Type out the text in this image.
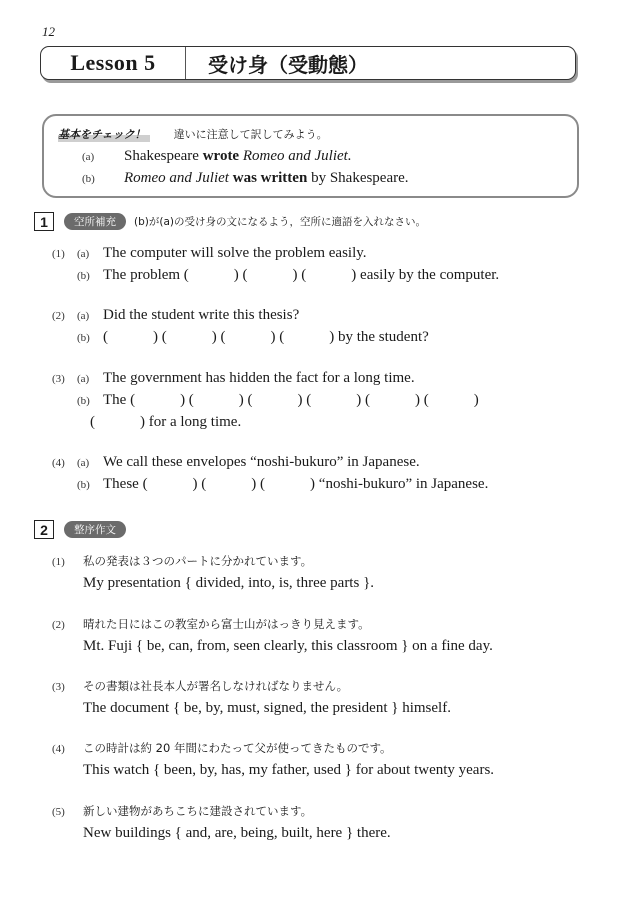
12
Lesson 5	受け身（受動態）
基本をチェック！	違いに注意して訳してみよう。
(a) Shakespeare wrote Romeo and Juliet.
(b) Romeo and Juliet was written by Shakespeare.
1	空所補充	(b)が(a)の受け身の文になるよう，空所に適語を入れなさい。
(1) (a) The computer will solve the problem easily.
(b) The problem (　　　) (　　　) (　　　) easily by the computer.
(2) (a) Did the student write this thesis?
(b) (　　　) (　　　) (　　　) (　　　) by the student?
(3) (a) The government has hidden the fact for a long time.
(b) The (　　　) (　　　) (　　　) (　　　) (　　　) (　　　)
(　　　) for a long time.
(4) (a) We call these envelopes “noshi-bukuro” in Japanese.
(b) These (　　　) (　　　) (　　　) “noshi-bukuro” in Japanese.
2	整序作文
(1) 私の発表は３つのパートに分かれています。
My presentation { divided, into, is, three parts }.
(2) 晴れた日にはこの教室から富士山がはっきり見えます。
Mt. Fuji { be, can, from, seen clearly, this classroom } on a fine day.
(3) その書類は社長本人が署名しなければなりません。
The document { be, by, must, signed, the president } himself.
(4) この時計は約 20 年間にわたって父が使ってきたものです。
This watch { been, by, has, my father, used } for about twenty years.
(5) 新しい建物があちこちに建設されています。
New buildings { and, are, being, built, here } there.
